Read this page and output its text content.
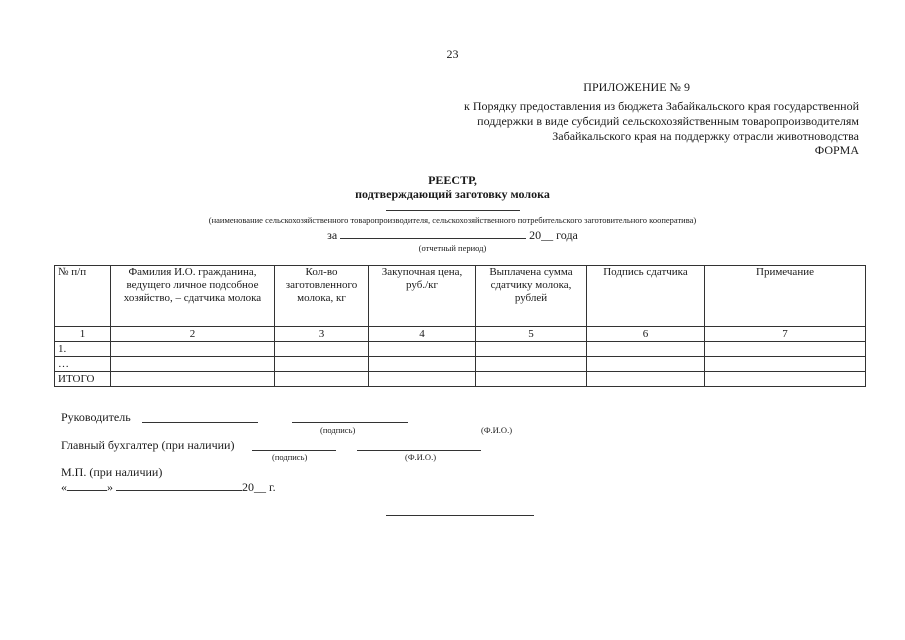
23
ПРИЛОЖЕНИЕ № 9
к Порядку предоставления из бюджета Забайкальского края государственной
поддержки в виде субсидий сельскохозяйственным товаропроизводителям
Забайкальского края на поддержку отрасли животноводства
ФОРМА
РЕЕСТР,
подтверждающий заготовку молока
(наименование сельскохозяйственного товаропроизводителя, сельскохозяйственного потребительского заготовительного кооператива)
за	20__ года
(отчетный период)
№ п/п	Фамилия И.О. гражданина, ведущего личное подсобное хозяйство, – сдатчика молока	Кол-во заготовленного молока, кг	Закупочная цена, руб./кг	Выплачена сумма сдатчику молока, рублей	Подпись сдатчика	Примечание
1	2	3	4	5	6	7
1.						
…						
ИТОГО						
Руководитель
(подпись)	(Ф.И.О.)
Главный бухгалтер (при наличии)
(подпись)	(Ф.И.О.)
М.П. (при наличии)
«	»	20__ г.
